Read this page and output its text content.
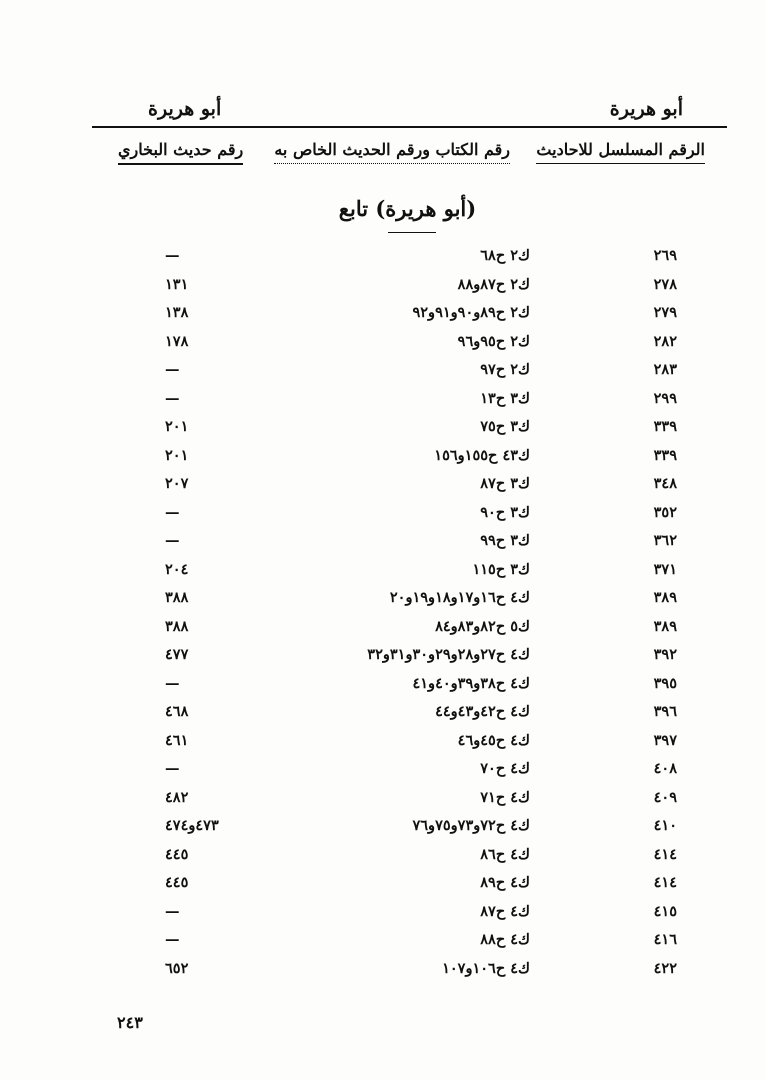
أبو هريرة
أبو هريرة
الرقم المسلسل للاحاديث
رقم الكتاب ورقم الحديث الخاص به
رقم حديث البخاري
(أبو هريرة) تابع
٢٦٩
ك٢ ح٦٨
—
٢٧٨
ك٢ ح٨٧و٨٨
١٣١
٢٧٩
ك٢ ح٨٩و٩٠و٩١و٩٢
١٣٨
٢٨٢
ك٢ ح٩٥و٩٦
١٧٨
٢٨٣
ك٢ ح٩٧
—
٢٩٩
ك٣ ح١٣
—
٣٣٩
ك٣ ح٧٥
٢٠١
٣٣٩
ك٤٣ ح١٥٥و١٥٦
٢٠١
٣٤٨
ك٣ ح٨٧
٢٠٧
٣٥٢
ك٣ ح٩٠
—
٣٦٢
ك٣ ح٩٩
—
٣٧١
ك٣ ح١١٥
٢٠٤
٣٨٩
ك٤ ح١٦و١٧و١٨و١٩و٢٠
٣٨٨
٣٨٩
ك٥ ح٨٢و٨٣و٨٤
٣٨٨
٣٩٢
ك٤ ح٢٧و٢٨و٢٩و٣٠و٣١و٣٢
٤٧٧
٣٩٥
ك٤ ح٣٨و٣٩و٤٠و٤١
—
٣٩٦
ك٤ ح٤٢و٤٣و٤٤
٤٦٨
٣٩٧
ك٤ ح٤٥و٤٦
٤٦١
٤٠٨
ك٤ ح٧٠
—
٤٠٩
ك٤ ح٧١
٤٨٢
٤١٠
ك٤ ح٧٢و٧٣و٧٥و٧٦
٤٧٣و٤٧٤
٤١٤
ك٤ ح٨٦
٤٤٥
٤١٤
ك٤ ح٨٩
٤٤٥
٤١٥
ك٤ ح٨٧
—
٤١٦
ك٤ ح٨٨
—
٤٢٢
ك٤ ح١٠٦و١٠٧
٦٥٢
٢٤٣
